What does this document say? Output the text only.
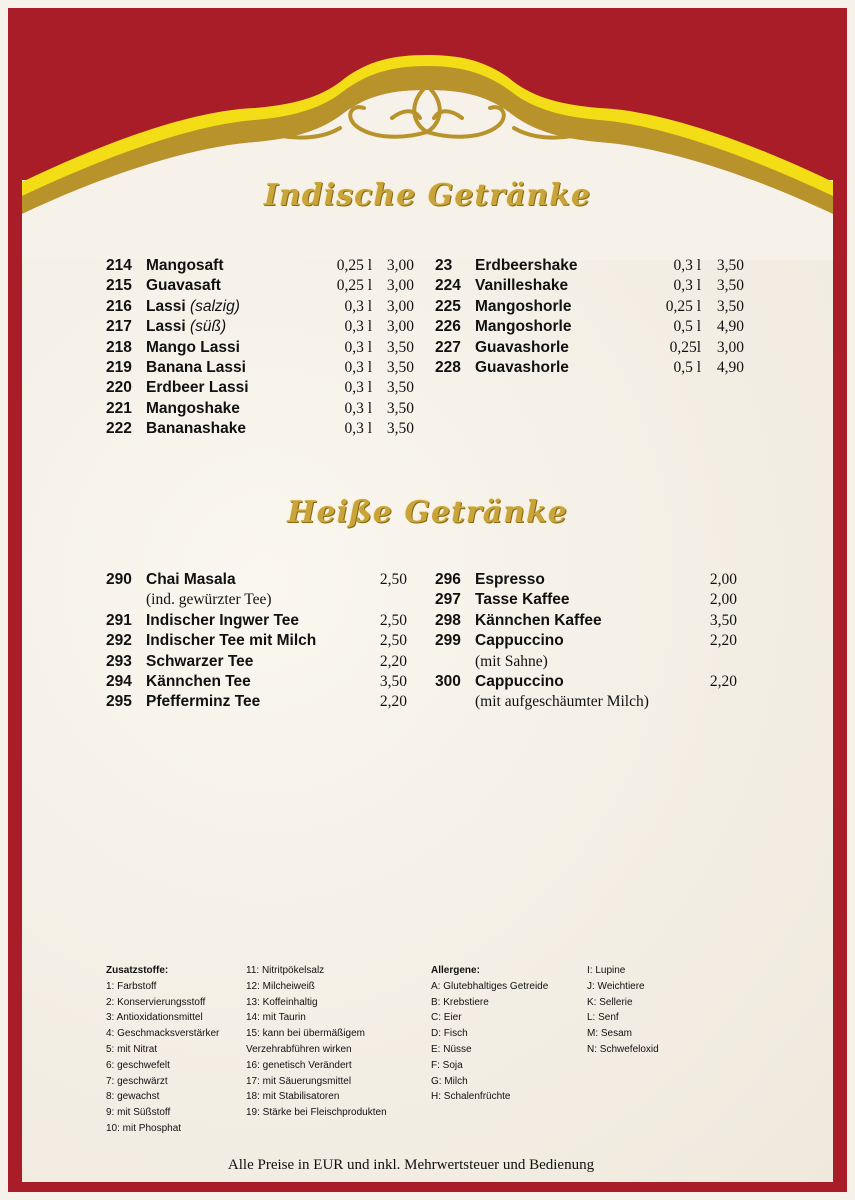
Indische Getränke
Heiße Getränke
214 Mangosaft	0,25 l 3,00
215 Guavasaft	0,25 l 3,00
216 Lassi (salzig)	0,3 l 3,00
217 Lassi (süß)	0,3 l 3,00
218 Mango Lassi	0,3 l 3,50
219 Banana Lassi	0,3 l 3,50
220 Erdbeer Lassi	0,3 l 3,50
221 Mangoshake	0,3 l 3,50
222 Bananashake	0,3 l 3,50
23 Erdbeershake	0,3 l 3,50
224 Vanilleshake	0,3 l 3,50
225 Mangoshorle	0,25 l 3,50
226 Mangoshorle	0,5 l 4,90
227 Guavashorle	0,25l 3,00
228 Guavashorle	0,5 l 4,90
290 Chai Masala	2,50
(ind. gewürzter Tee)
291 Indischer Ingwer Tee	2,50
292 Indischer Tee mit Milch	2,50
293 Schwarzer Tee	2,20
294 Kännchen Tee	3,50
295 Pfefferminz Tee	2,20
296 Espresso	2,00
297 Tasse Kaffee	2,00
298 Kännchen Kaffee	3,50
299 Cappuccino	2,20
(mit Sahne)
300 Cappuccino	2,20
(mit aufgeschäumter Milch)
Zusatzstoffe:
1: Farbstoff
2: Konservierungsstoff
3: Antioxidationsmittel
4: Geschmacksverstärker
5: mit Nitrat
6: geschwefelt
7: geschwärzt
8: gewachst
9: mit Süßstoff
10: mit Phosphat
11: Nitritpökelsalz
12: Milcheiweiß
13: Koffeinhaltig
14: mit Taurin
15: kann bei übermäßigem
Verzehrabführen wirken
16: genetisch Verändert
17: mit Säuerungsmittel
18: mit Stabilisatoren
19: Stärke bei Fleischprodukten
Allergene:
A: Glutebhaltiges Getreide
B: Krebstiere
C: Eier
D: Fisch
E: Nüsse
F: Soja
G: Milch
H: Schalenfrüchte
I: Lupine
J: Weichtiere
K: Sellerie
L: Senf
M: Sesam
N: Schwefeloxid
Alle Preise in EUR und inkl. Mehrwertsteuer und Bedienung
